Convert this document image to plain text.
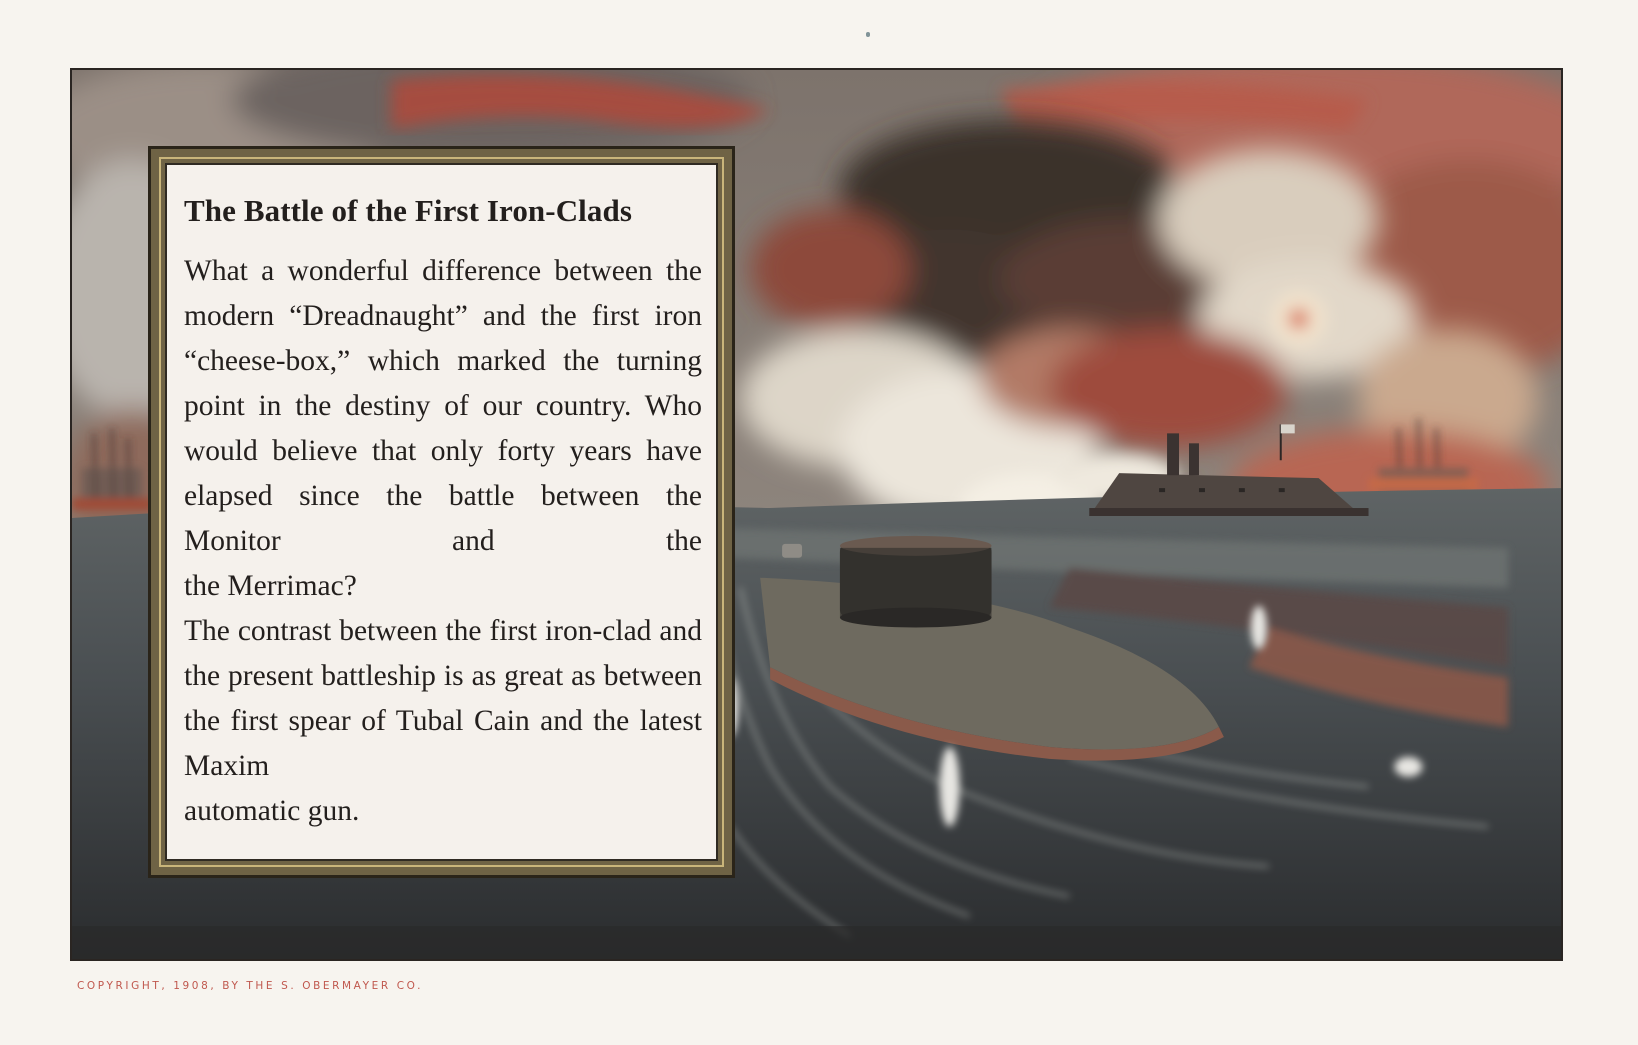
The Battle of the First Iron-Clads

What a wonderful difference between the modern “Dreadnaught” and the first iron “cheese-box,” which marked the turning point in the destiny of our country. Who would believe that only forty years have elapsed since the battle between the Monitor and the
the Merrimac?

The contrast between the first iron-clad and the present battleship is as great as between the first spear of Tubal Cain and the latest Maxim
automatic gun.

COPYRIGHT, 1908, BY THE S. OBERMAYER CO.
